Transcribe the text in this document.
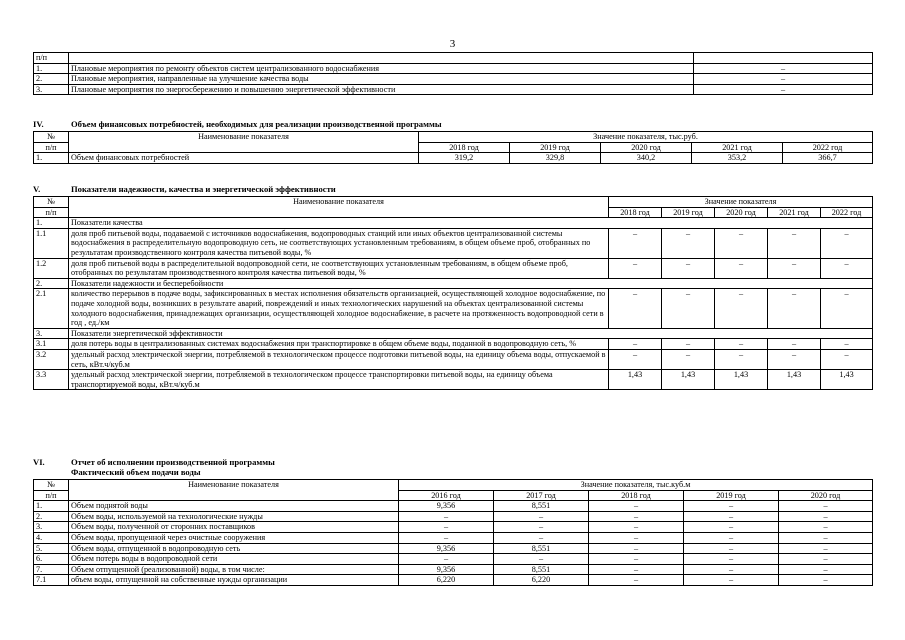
3
п/п		
1.	Плановые мероприятия по ремонту объектов систем централизованного водоснабжения	–
2.	Плановые мероприятия, направленные на улучшение качества воды	–
3.	Плановые мероприятия по энергосбережению и повышению энергетической эффективности	–
IV.	Объем финансовых потребностей, необходимых для реализации производственной программы
№	Наименование показателя	Значение показателя, тыс.руб.				
п/п		2018 год	2019 год	2020 год	2021 год	2022 год
1.	Объем финансовых потребностей	319,2	329,8	340,2	353,2	366,7
V.	Показатели надежности, качества и энергетической эффективности
№	Наименование показателя	Значение показателя				
п/п		2018 год	2019 год	2020 год	2021 год	2022 год
1.	Показатели качества					
1.1	доля проб питьевой воды, подаваемой с источников водоснабжения, водопроводных станций или иных объектов централизованной системы водоснабжения в распределительную водопроводную сеть, не соответствующих установленным требованиям, в общем объеме проб, отобранных по результатам производственного контроля качества питьевой воды, %	–	–	–	–	–
1.2	доля проб питьевой воды в распределительной водопроводной сети, не соответствующих установленным требованиям, в общем объеме проб, отобранных по результатам производственного контроля качества питьевой воды, %	–	–	–	–	–
2.	Показатели надежности и бесперебойности					
2.1	количество перерывов в подаче воды, зафиксированных в местах исполнения обязательств организацией, осуществляющей холодное водоснабжение, по подаче холодной воды, возникших в результате аварий, повреждений и иных технологических нарушений на объектах централизованной системы холодного водоснабжения, принадлежащих организации, осуществляющей холодное водоснабжение, в расчете на протяженность водопроводной сети в год , ед./км	–	–	–	–	–
3.	Показатели энергетической эффективности					
3.1	доля потерь воды в централизованных системах водоснабжения при транспортировке в общем объеме воды, поданной в водопроводную сеть, %	–	–	–	–	–
3.2	удельный расход электрической энергии, потребляемой в технологическом процессе подготовки питьевой воды, на единицу объема воды, отпускаемой в сеть, кВт.ч/куб.м	–	–	–	–	–
3.3	удельный расход электрической энергии, потребляемой в технологическом процессе транспортировки питьевой воды, на единицу объема транспортируемой воды, кВт.ч/куб.м	1,43	1,43	1,43	1,43	1,43
VI.	Отчет об исполнении производственной программы
Фактический объем подачи воды
№	Наименование показателя	Значение показателя, тыс.куб.м				
п/п		2016 год	2017 год	2018 год	2019 год	2020 год
1.	Объем поднятой воды	9,356	8,551	–	–	–
2.	Объем воды, используемой на технологические нужды	–	–	–	–	–
3.	Объем воды, полученной от сторонних поставщиков	–	–	–	–	–
4.	Объем воды, пропущенной через очистные сооружения	–	–	–	–	–
5.	Объем воды, отпущенной в водопроводную сеть	9,356	8,551	–	–	–
6.	Объем потерь воды в водопроводной сети	–	–	–	–	–
7.	Объем отпущенной (реализованной) воды, в том числе:	9,356	8,551	–	–	–
7.1	объем воды, отпущенной на собственные нужды организации	6,220	6,220	–	–	–
